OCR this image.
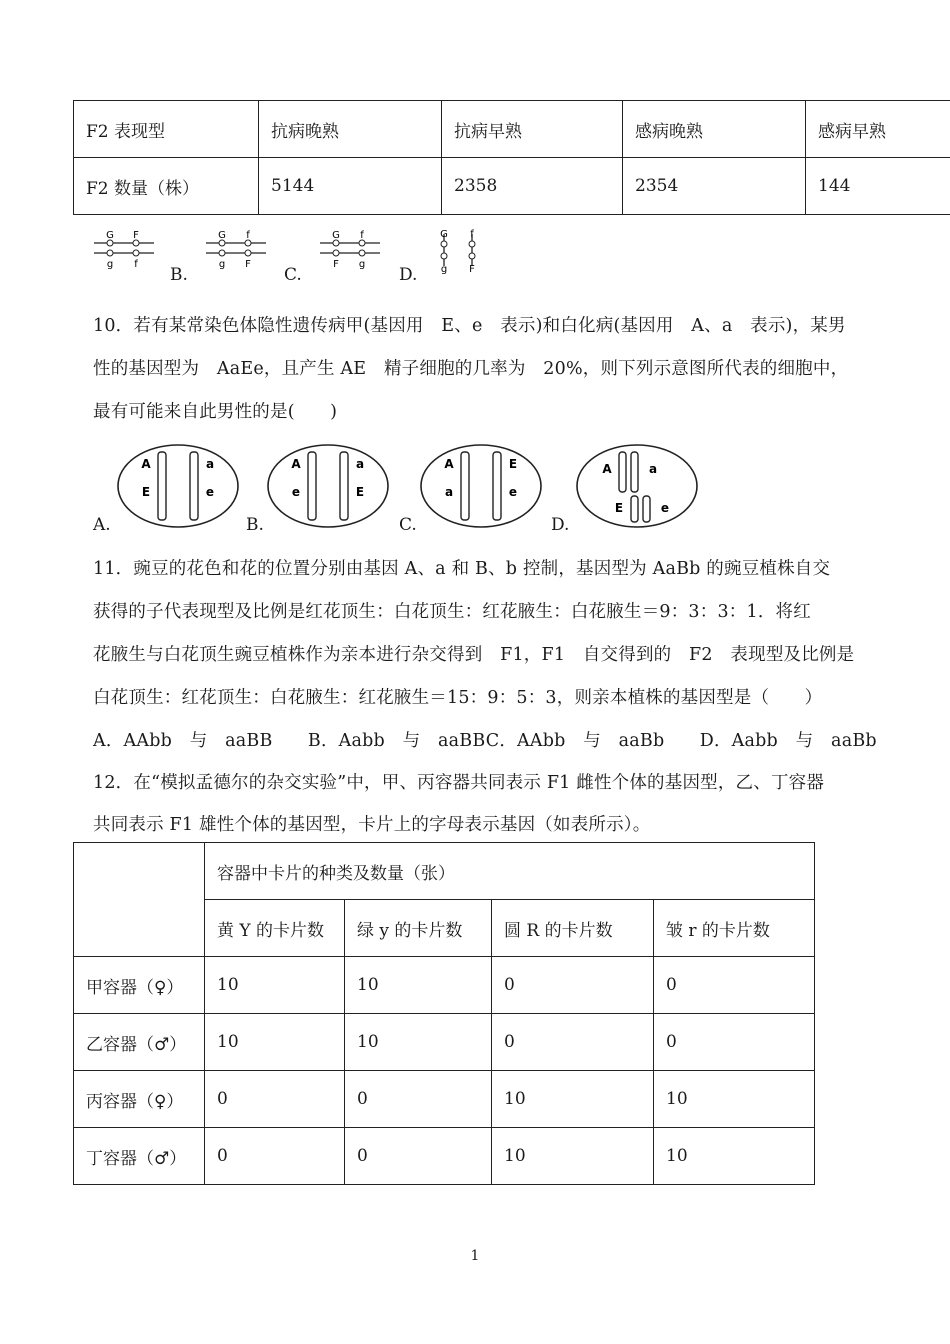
F2 表现型	抗病晚熟	抗病早熟	感病晚熟	感病早熟
F2 数量（株）	5144	2358	2354	144
G F
g f
G f
g F
G f
F g
G f
g F
B.	C.	D.
10．若有某常染色体隐性遗传病甲(基因用　E、e　表示)和白化病(基因用　A、a　表示)，某男
性的基因型为　AaEe，且产生 AE　精子细胞的几率为　20%，则下列示意图所代表的细胞中，
最有可能来自此男性的是(　　)
A
E
a
e
A
e
a
E
A
a
E
e
A	a
E	e
A.	B.	C.	D.
11．豌豆的花色和花的位置分别由基因 A、a 和 B、b 控制，基因型为 AaBb 的豌豆植株自交
获得的子代表现型及比例是红花顶生：白花顶生：红花腋生：白花腋生＝9：3：3：1．将红
花腋生与白花顶生豌豆植株作为亲本进行杂交得到　F1，F1　自交得到的　F2　表现型及比例是
白花顶生：红花顶生：白花腋生：红花腋生＝15：9：5：3，则亲本植株的基因型是（　　）
A．AAbb　与　aaBB　　B．Aabb　与　aaBBC．AAbb　与　aaBb　　D．Aabb　与　aaBb
12．在“模拟孟德尔的杂交实验”中，甲、丙容器共同表示 F1 雌性个体的基因型，乙、丁容器
共同表示 F1 雄性个体的基因型，卡片上的字母表示基因（如表所示）。
	容器中卡片的种类及数量（张）			
	黄 Y 的卡片数	绿 y 的卡片数	圆 R 的卡片数	皱 r 的卡片数
甲容器（♀）	10	10	0	0
乙容器（♂）	10	10	0	0
丙容器（♀）	0	0	10	10
丁容器（♂）	0	0	10	10
1
